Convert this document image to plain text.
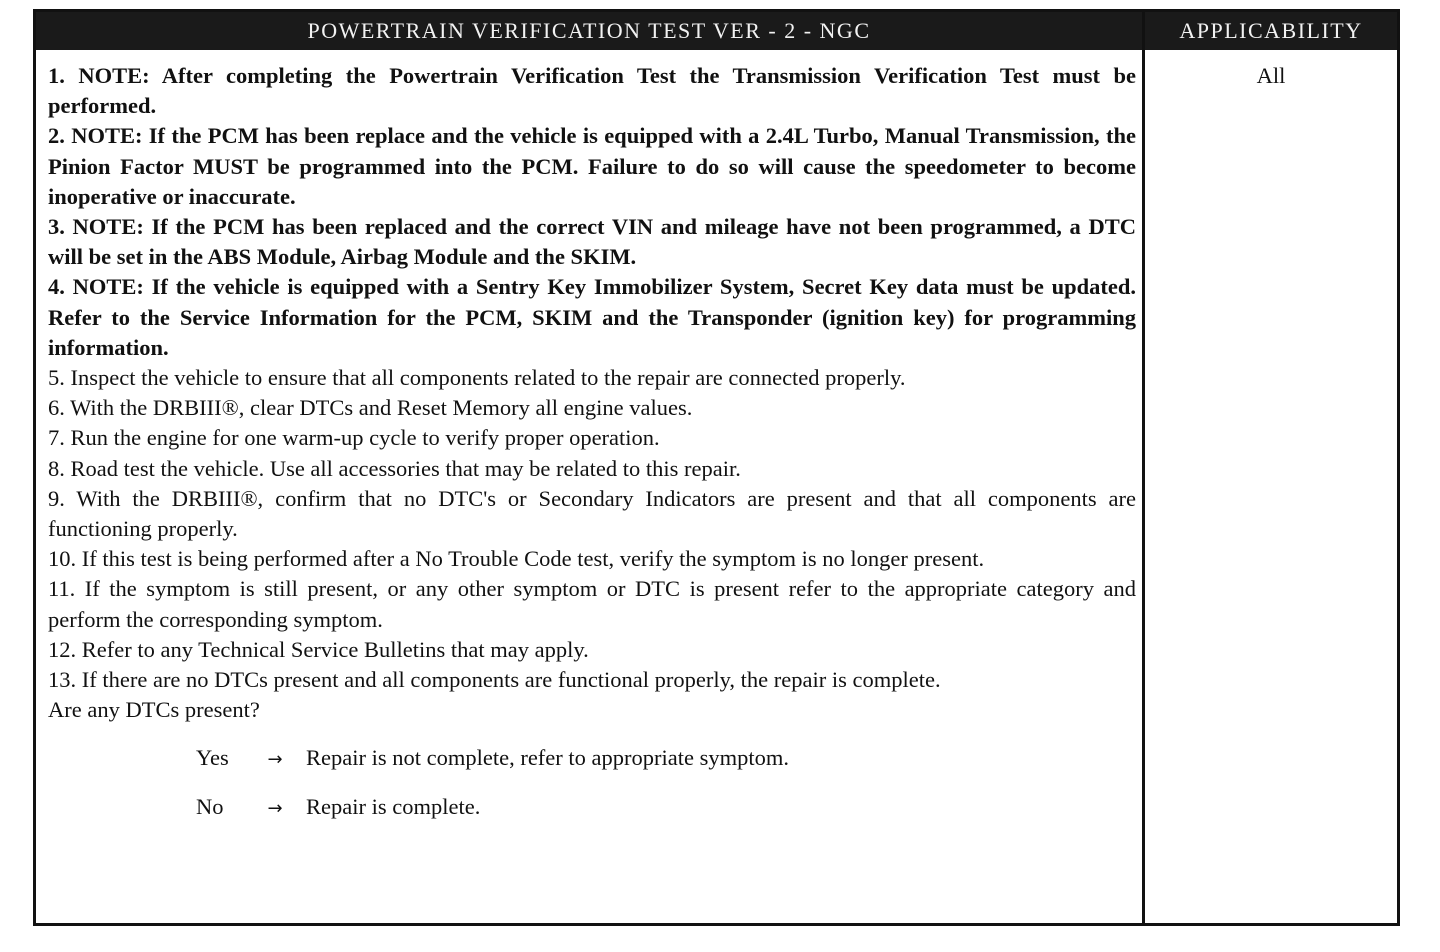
POWERTRAIN VERIFICATION TEST VER - 2 - NGC	APPLICABILITY

1. NOTE: After completing the Powertrain Verification Test the Transmission Verification Test must be performed.

2. NOTE: If the PCM has been replace and the vehicle is equipped with a 2.4L Turbo, Manual Transmission, the Pinion Factor MUST be programmed into the PCM. Failure to do so will cause the speedometer to become inoperative or inaccurate.

3. NOTE: If the PCM has been replaced and the correct VIN and mileage have not been programmed, a DTC will be set in the ABS Module, Airbag Module and the SKIM.

4. NOTE: If the vehicle is equipped with a Sentry Key Immobilizer System, Secret Key data must be updated. Refer to the Service Information for the PCM, SKIM and the Transponder (ignition key) for programming information.

5. Inspect the vehicle to ensure that all components related to the repair are connected properly.

6. With the DRBIII®, clear DTCs and Reset Memory all engine values.

7. Run the engine for one warm-up cycle to verify proper operation.

8. Road test the vehicle. Use all accessories that may be related to this repair.

9. With the DRBIII®, confirm that no DTC's or Secondary Indicators are present and that all components are functioning properly.

10. If this test is being performed after a No Trouble Code test, verify the symptom is no longer present.

11. If the symptom is still present, or any other symptom or DTC is present refer to the appropriate category and perform the corresponding symptom.

12. Refer to any Technical Service Bulletins that may apply.

13. If there are no DTCs present and all components are functional properly, the repair is complete.

Are any DTCs present?

Yes	→	Repair is not complete, refer to appropriate symptom.
No	→	Repair is complete.
All
